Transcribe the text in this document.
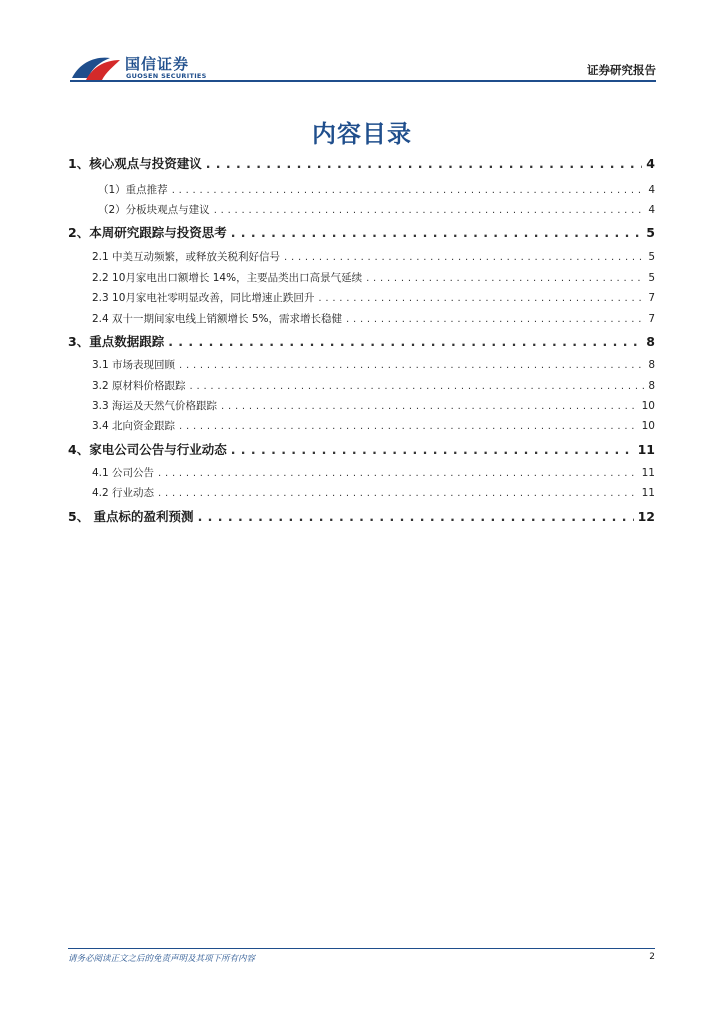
国信证券
GUOSEN SECURITIES	证券研究报告
内容目录
1、核心观点与投资建议 . . .	4
（1）重点推荐 . . .	4
（2）分板块观点与建议 . . .	4
2、本周研究跟踪与投资思考 . . .	5
2.1 中美互动频繁，或释放关税利好信号 . . .	5
2.2 10月家电出口额增长 14%，主要品类出口高景气延续 . . .	5
2.3 10月家电社零明显改善，同比增速止跌回升 . . .	7
2.4 双十一期间家电线上销额增长 5%，需求增长稳健 . . .	7
3、重点数据跟踪 . . .	8
3.1 市场表现回顾 . . .	8
3.2 原材料价格跟踪 . . .	8
3.3 海运及天然气价格跟踪 . . .	10
3.4 北向资金跟踪 . . .	10
4、家电公司公告与行业动态 . . .	11
4.1 公司公告 . . .	11
4.2 行业动态 . . .	11
5、 重点标的盈利预测 . . .	12
请务必阅读正文之后的免责声明及其项下所有内容	2
